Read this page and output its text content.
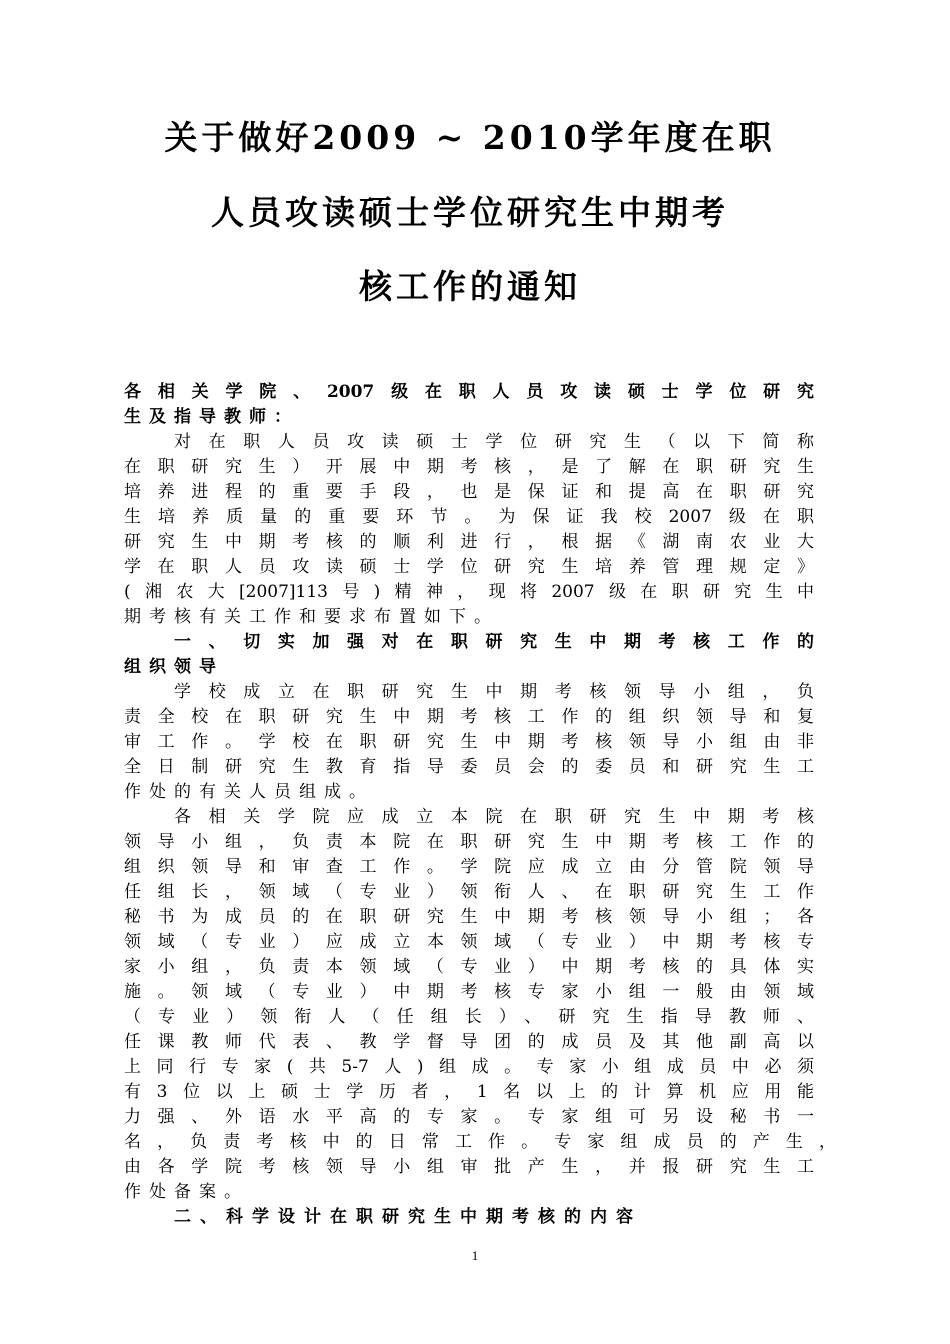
关于做好2009 ~ 2010学年度在职
人员攻读硕士学位研究生中期考
核工作的通知
各相关学院、2007级在职人员攻读硕士学位研究
生及指导教师：
对在职人员攻读硕士学位研究生（以下简称
在职研究生）开展中期考核，是了解在职研究生
培养进程的重要手段，也是保证和提高在职研究
生培养质量的重要环节。为保证我校2007级在职
研究生中期考核的顺利进行，根据《湖南农业大
学在职人员攻读硕士学位研究生培养管理规定》
(湘农大[2007]113号)精神，现将2007级在职研究生中
期考核有关工作和要求布置如下。
一、切实加强对在职研究生中期考核工作的
组织领导
学校成立在职研究生中期考核领导小组，负
责全校在职研究生中期考核工作的组织领导和复
审工作。学校在职研究生中期考核领导小组由非
全日制研究生教育指导委员会的委员和研究生工
作处的有关人员组成。
各相关学院应成立本院在职研究生中期考核
领导小组，负责本院在职研究生中期考核工作的
组织领导和审查工作。学院应成立由分管院领导
任组长，领域（专业）领衔人、在职研究生工作
秘书为成员的在职研究生中期考核领导小组；各
领域（专业）应成立本领域（专业）中期考核专
家小组，负责本领域（专业）中期考核的具体实
施。领域（专业）中期考核专家小组一般由领域
（专业）领衔人（任组长）、研究生指导教师、
任课教师代表、教学督导团的成员及其他副高以
上同行专家(共5-7人)组成。专家小组成员中必须
有3位以上硕士学历者，1名以上的计算机应用能
力强、外语水平高的专家。专家组可另设秘书一
名，负责考核中的日常工作。专家组成员的产生，
由各学院考核领导小组审批产生，并报研究生工
作处备案。
二、科学设计在职研究生中期考核的内容
1
